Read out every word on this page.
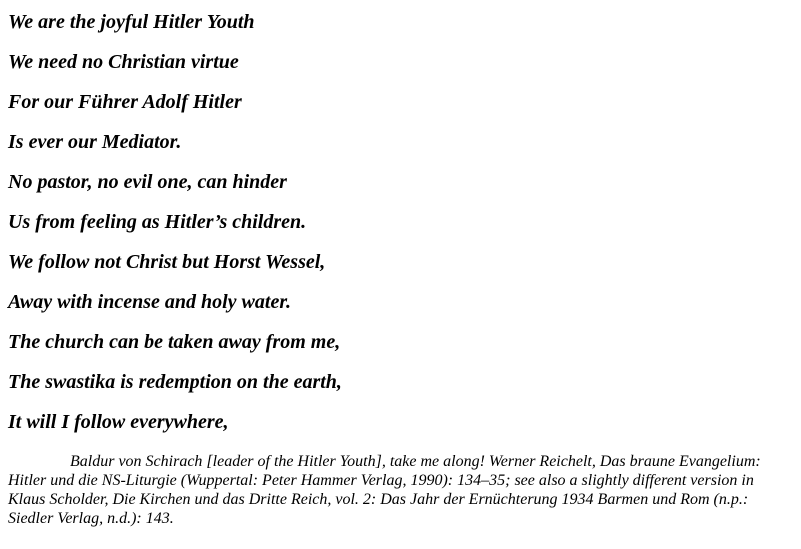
We are the joyful Hitler Youth

We need no Christian virtue

For our Führer Adolf Hitler

Is ever our Mediator.

No pastor, no evil one, can hinder

Us from feeling as Hitler’s children.

We follow not Christ but Horst Wessel,

Away with incense and holy water.

The church can be taken away from me,

The swastika is redemption on the earth,

It will I follow everywhere,

Baldur von Schirach [leader of the Hitler Youth], take me along! Werner Reichelt, Das braune Evangelium: Hitler und die NS-Liturgie (Wuppertal: Peter Hammer Verlag, 1990): 134–35; see also a slightly different version in Klaus Scholder, Die Kirchen und das Dritte Reich, vol. 2: Das Jahr der Ernüchterung 1934 Barmen und Rom (n.p.: Siedler Verlag, n.d.): 143.
